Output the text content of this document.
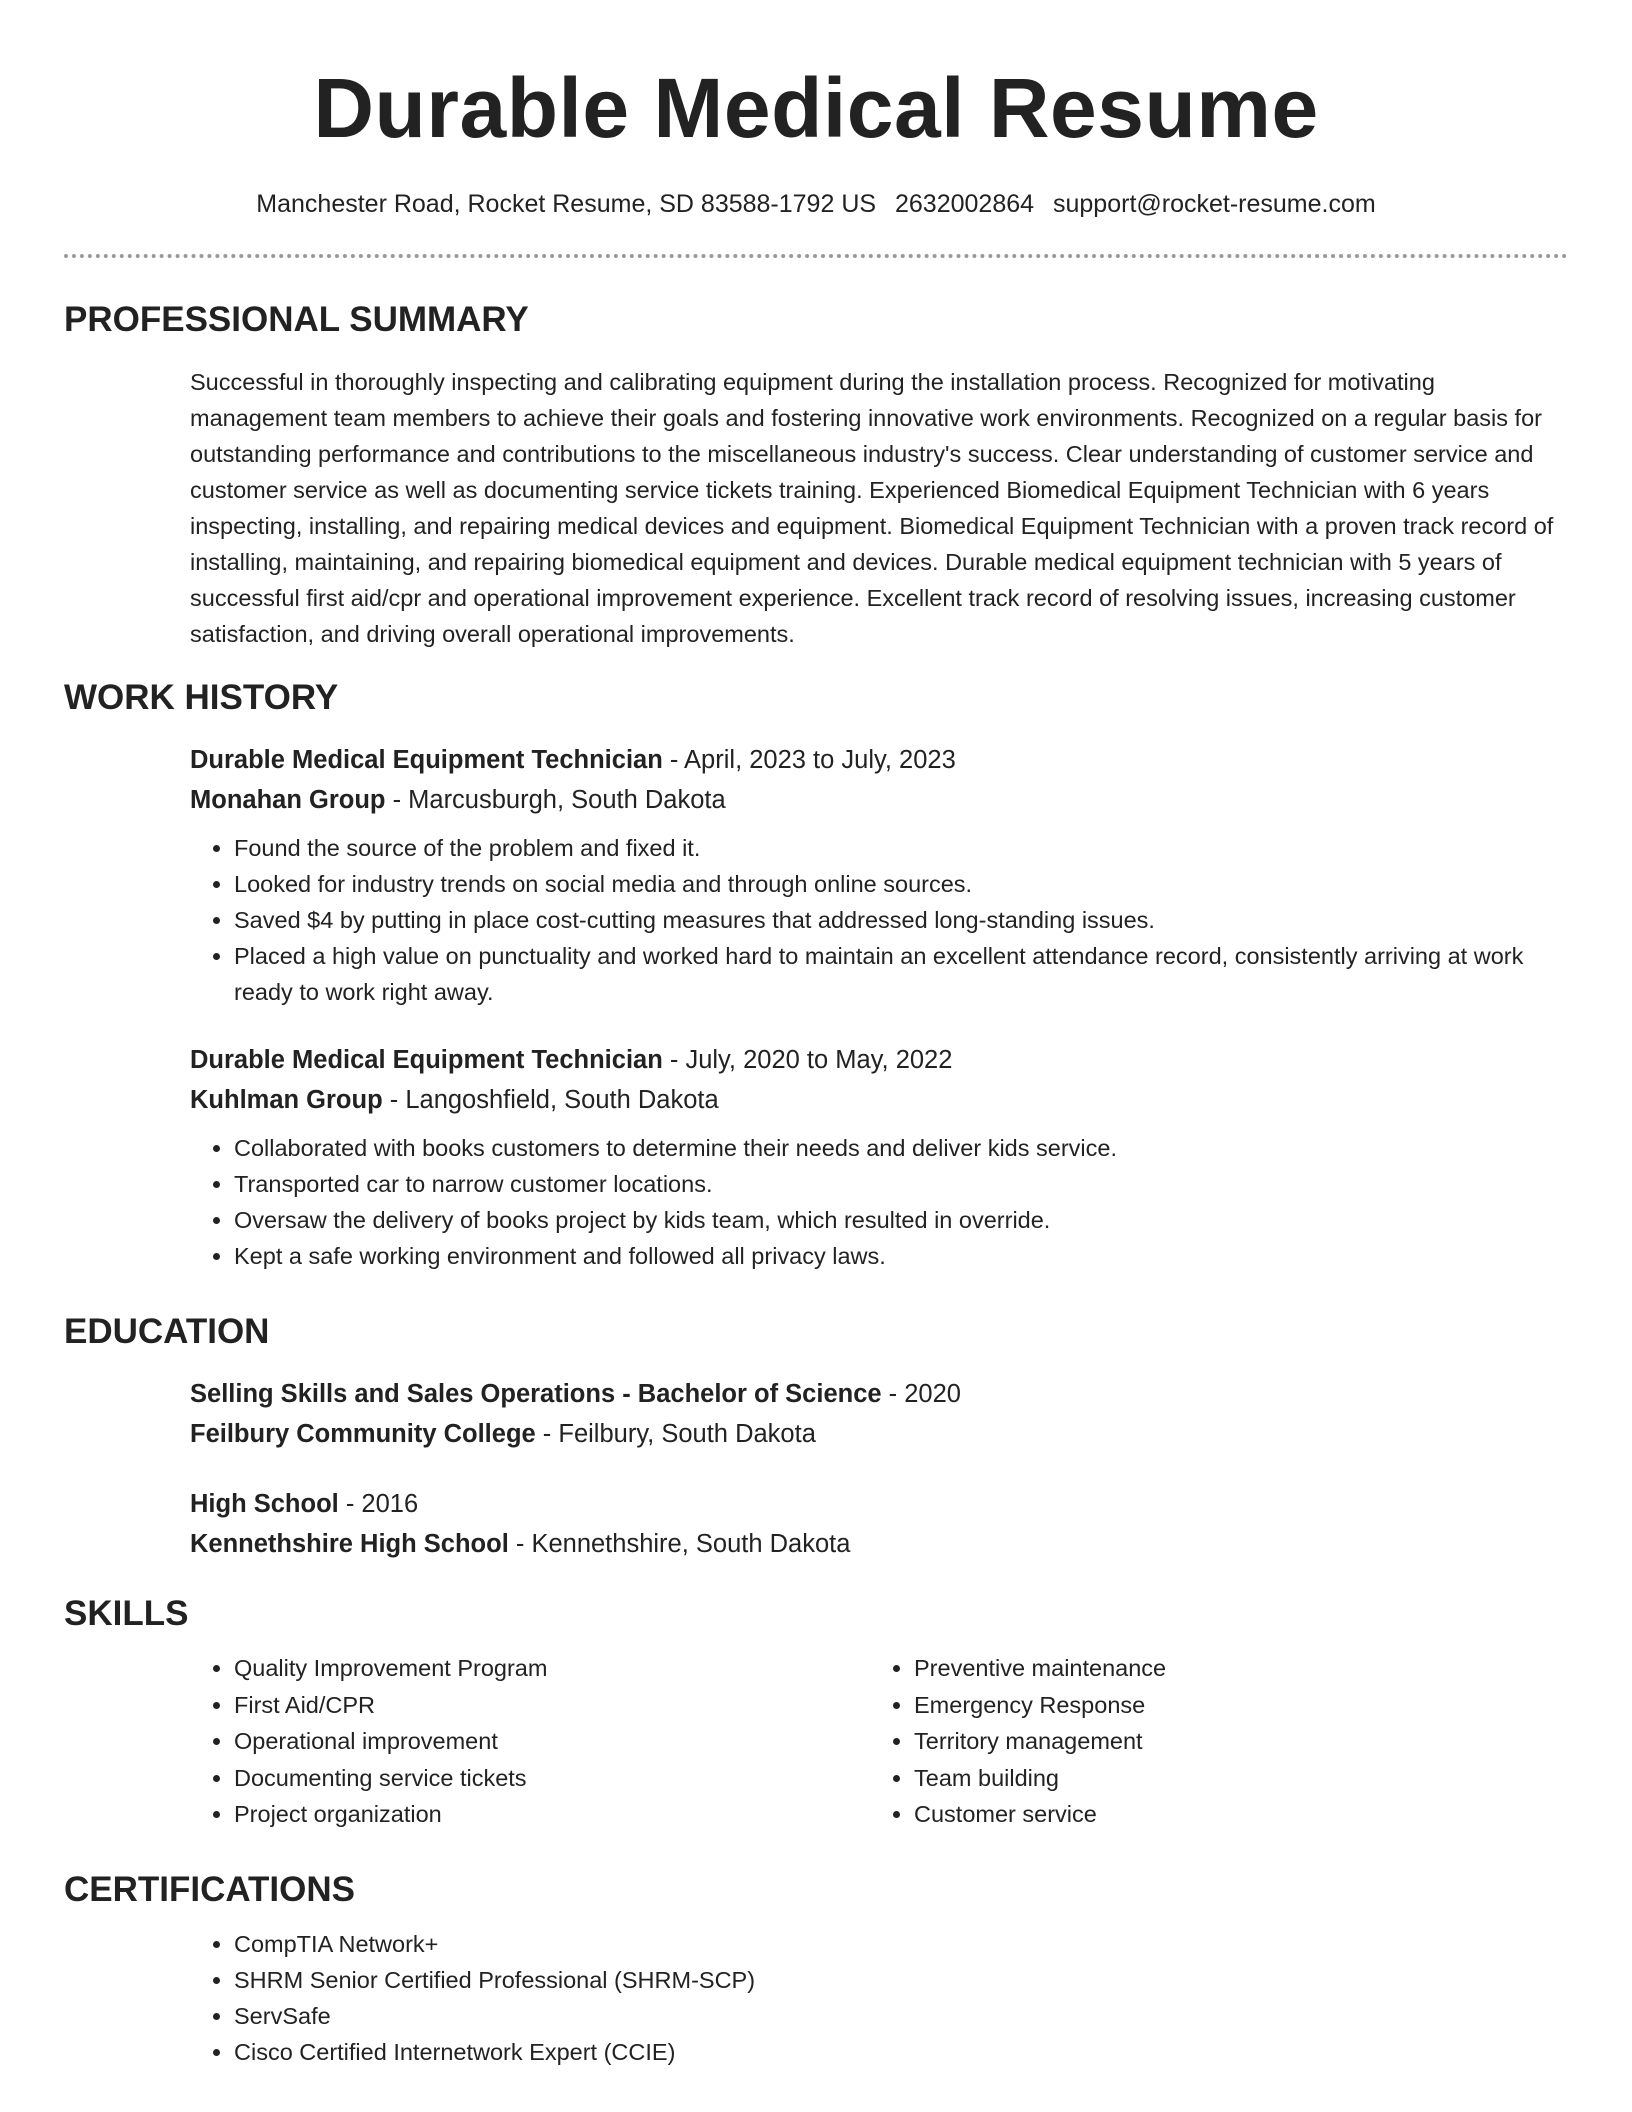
Durable Medical Resume
Manchester Road, Rocket Resume, SD 83588-1792 US 2632002864 support@rocket-resume.com
PROFESSIONAL SUMMARY
Successful in thoroughly inspecting and calibrating equipment during the installation process. Recognized for motivating management team members to achieve their goals and fostering innovative work environments. Recognized on a regular basis for outstanding performance and contributions to the miscellaneous industry's success. Clear understanding of customer service and customer service as well as documenting service tickets training. Experienced Biomedical Equipment Technician with 6 years inspecting, installing, and repairing medical devices and equipment. Biomedical Equipment Technician with a proven track record of installing, maintaining, and repairing biomedical equipment and devices. Durable medical equipment technician with 5 years of successful first aid/cpr and operational improvement experience. Excellent track record of resolving issues, increasing customer satisfaction, and driving overall operational improvements.
WORK HISTORY
Durable Medical Equipment Technician - April, 2023 to July, 2023
Monahan Group - Marcusburgh, South Dakota
• Found the source of the problem and fixed it.
• Looked for industry trends on social media and through online sources.
• Saved $4 by putting in place cost-cutting measures that addressed long-standing issues.
• Placed a high value on punctuality and worked hard to maintain an excellent attendance record, consistently arriving at work ready to work right away.
Durable Medical Equipment Technician - July, 2020 to May, 2022
Kuhlman Group - Langoshfield, South Dakota
• Collaborated with books customers to determine their needs and deliver kids service.
• Transported car to narrow customer locations.
• Oversaw the delivery of books project by kids team, which resulted in override.
• Kept a safe working environment and followed all privacy laws.
EDUCATION
Selling Skills and Sales Operations - Bachelor of Science - 2020
Feilbury Community College - Feilbury, South Dakota
High School - 2016
Kennethshire High School - Kennethshire, South Dakota
SKILLS
• Quality Improvement Program
• First Aid/CPR
• Operational improvement
• Documenting service tickets
• Project organization
• Preventive maintenance
• Emergency Response
• Territory management
• Team building
• Customer service
CERTIFICATIONS
• CompTIA Network+
• SHRM Senior Certified Professional (SHRM-SCP)
• ServSafe
• Cisco Certified Internetwork Expert (CCIE)
